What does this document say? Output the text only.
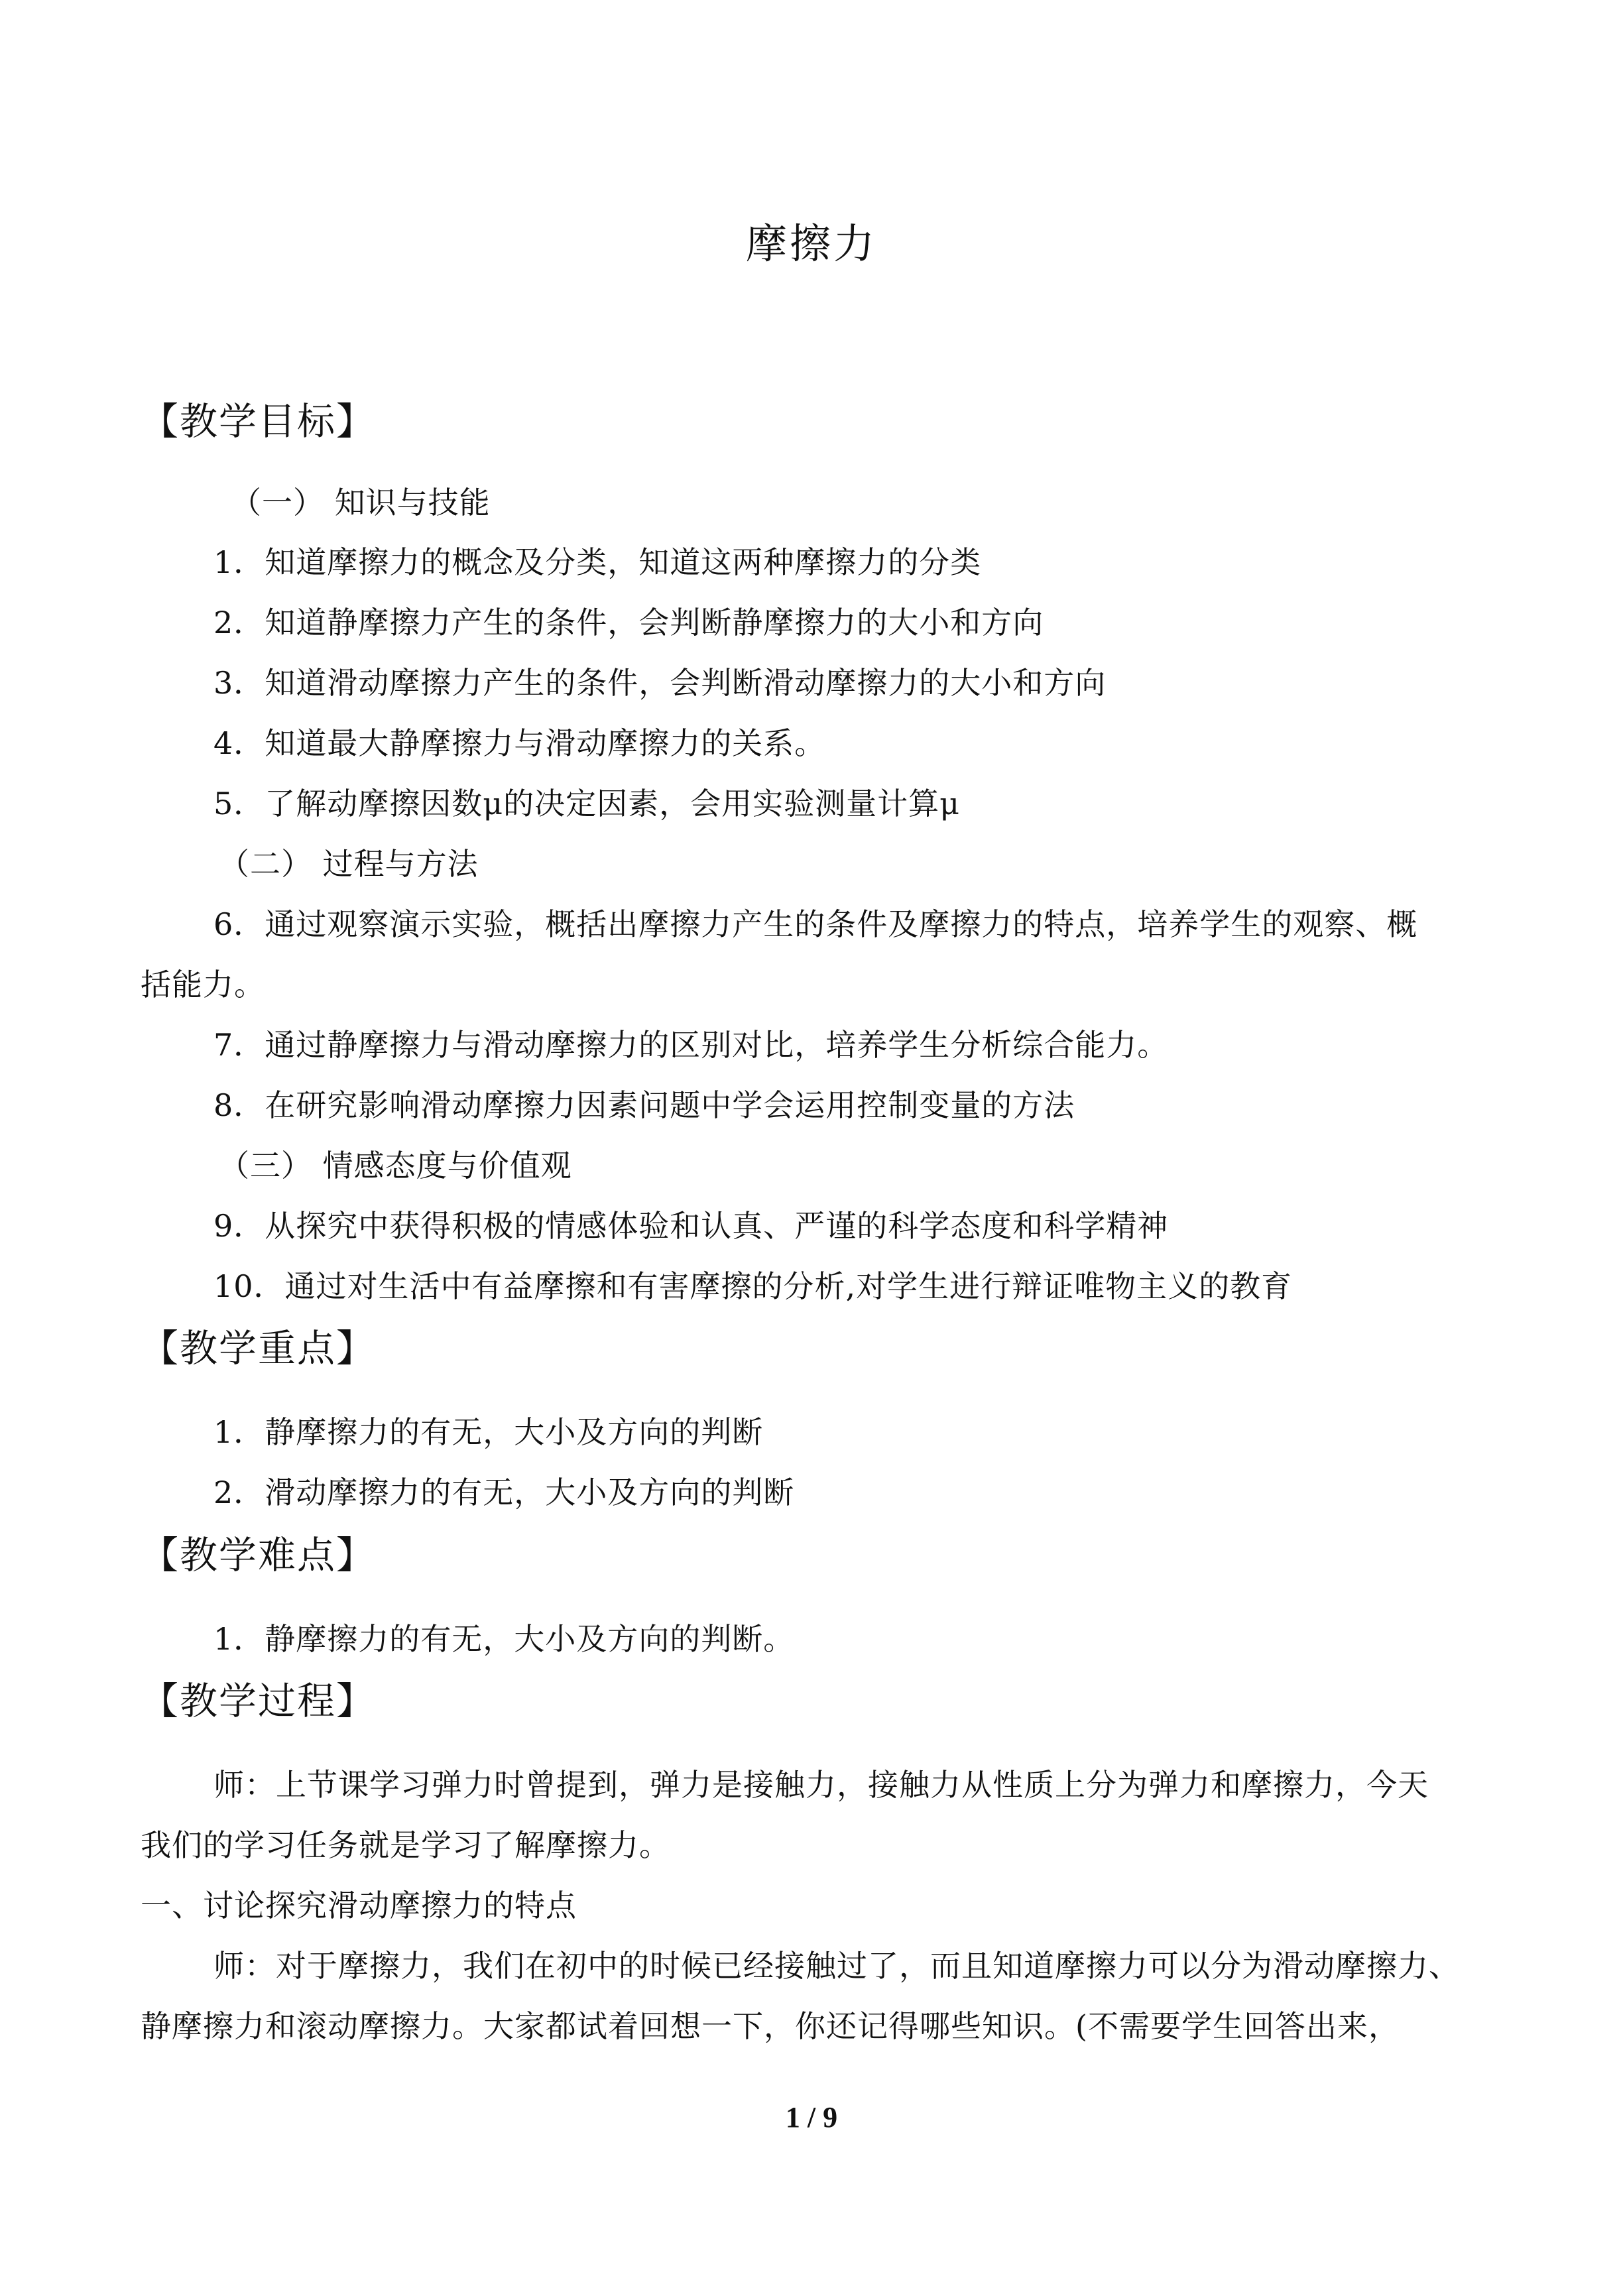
摩擦力
【教学目标】
（一） 知识与技能
1．知道摩擦力的概念及分类，知道这两种摩擦力的分类
2．知道静摩擦力产生的条件，会判断静摩擦力的大小和方向
3．知道滑动摩擦力产生的条件，会判断滑动摩擦力的大小和方向
4．知道最大静摩擦力与滑动摩擦力的关系。
5．了解动摩擦因数μ的决定因素，会用实验测量计算μ
（二） 过程与方法
6．通过观察演示实验，概括出摩擦力产生的条件及摩擦力的特点，培养学生的观察、概
括能力。
7．通过静摩擦力与滑动摩擦力的区别对比，培养学生分析综合能力。
8．在研究影响滑动摩擦力因素问题中学会运用控制变量的方法
（三） 情感态度与价值观
9．从探究中获得积极的情感体验和认真、严谨的科学态度和科学精神
10．通过对生活中有益摩擦和有害摩擦的分析,对学生进行辩证唯物主义的教育
【教学重点】
1．静摩擦力的有无，大小及方向的判断
2．滑动摩擦力的有无，大小及方向的判断
【教学难点】
1．静摩擦力的有无，大小及方向的判断。
【教学过程】
师：上节课学习弹力时曾提到，弹力是接触力，接触力从性质上分为弹力和摩擦力，今天
我们的学习任务就是学习了解摩擦力。
一、讨论探究滑动摩擦力的特点
师：对于摩擦力，我们在初中的时候已经接触过了，而且知道摩擦力可以分为滑动摩擦力、
静摩擦力和滚动摩擦力。大家都试着回想一下，你还记得哪些知识。(不需要学生回答出来，
1 / 9
